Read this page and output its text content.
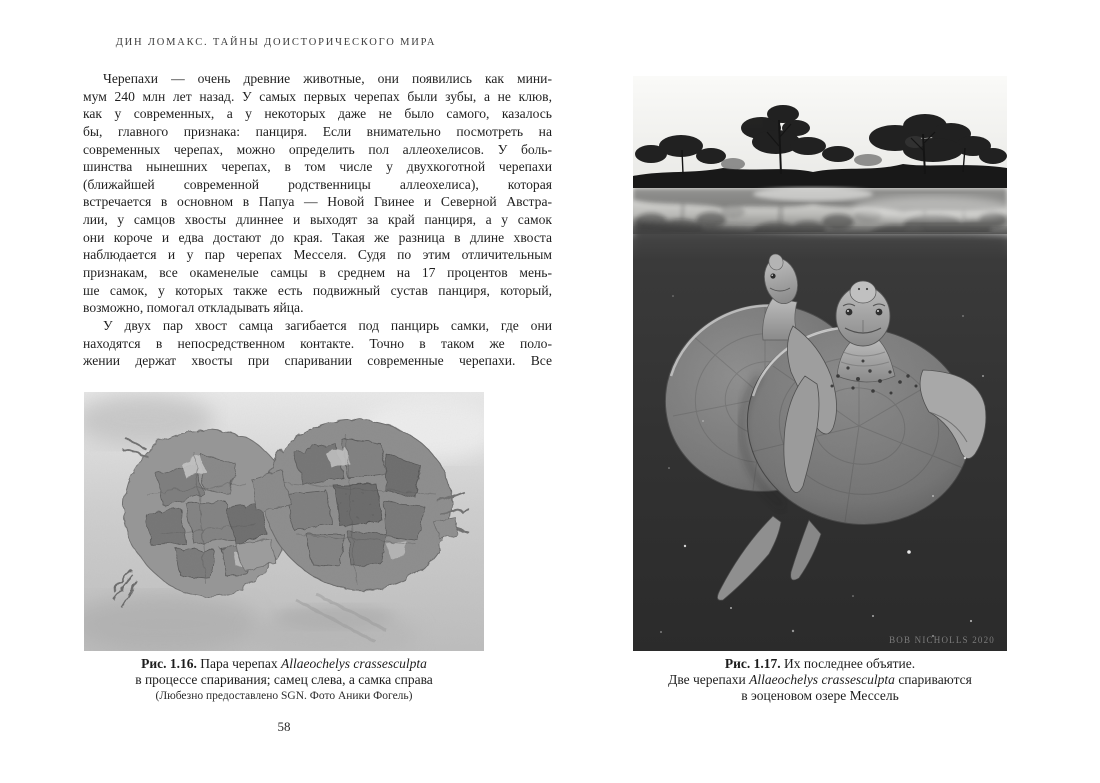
ДИН ЛОМАКС. ТАЙНЫ ДОИСТОРИЧЕСКОГО МИРА
Черепахи — очень древние животные, они появились как мини-
мум 240 млн лет назад. У самых первых черепах были зубы, а не клюв,
как у современных, а у некоторых даже не было самого, казалось
бы, главного признака: панциря. Если внимательно посмотреть на
современных черепах, можно определить пол аллеохелисов. У боль-
шинства нынешних черепах, в том числе у двухкоготной черепахи
(ближайшей современной родственницы аллеохелиса), которая
встречается в основном в Папуа — Новой Гвинее и Северной Австра-
лии, у самцов хвосты длиннее и выходят за край панциря, а у самок
они короче и едва достают до края. Такая же разница в длине хвоста
наблюдается и у пар черепах Месселя. Судя по этим отличительным
признакам, все окаменелые самцы в среднем на 17 процентов мень-
ше самок, у которых также есть подвижный сустав панциря, который,
возможно, помогал откладывать яйца.
У двух пар хвост самца загибается под панцирь самки, где они
находятся в непосредственном контакте. Точно в таком же поло-
жении держат хвосты при спаривании современные черепахи. Все
Рис. 1.16. Пара черепах Allaeochelys crassesculpta
в процессе спаривания; самец слева, а самка справа
(Любезно предоставлено SGN. Фото Аники Фогель)
58
BOB NICHOLLS 2020
Рис. 1.17. Их последнее объятие.
Две черепахи Allaeochelys crassesculpta спариваются
в эоценовом озере Мессель
